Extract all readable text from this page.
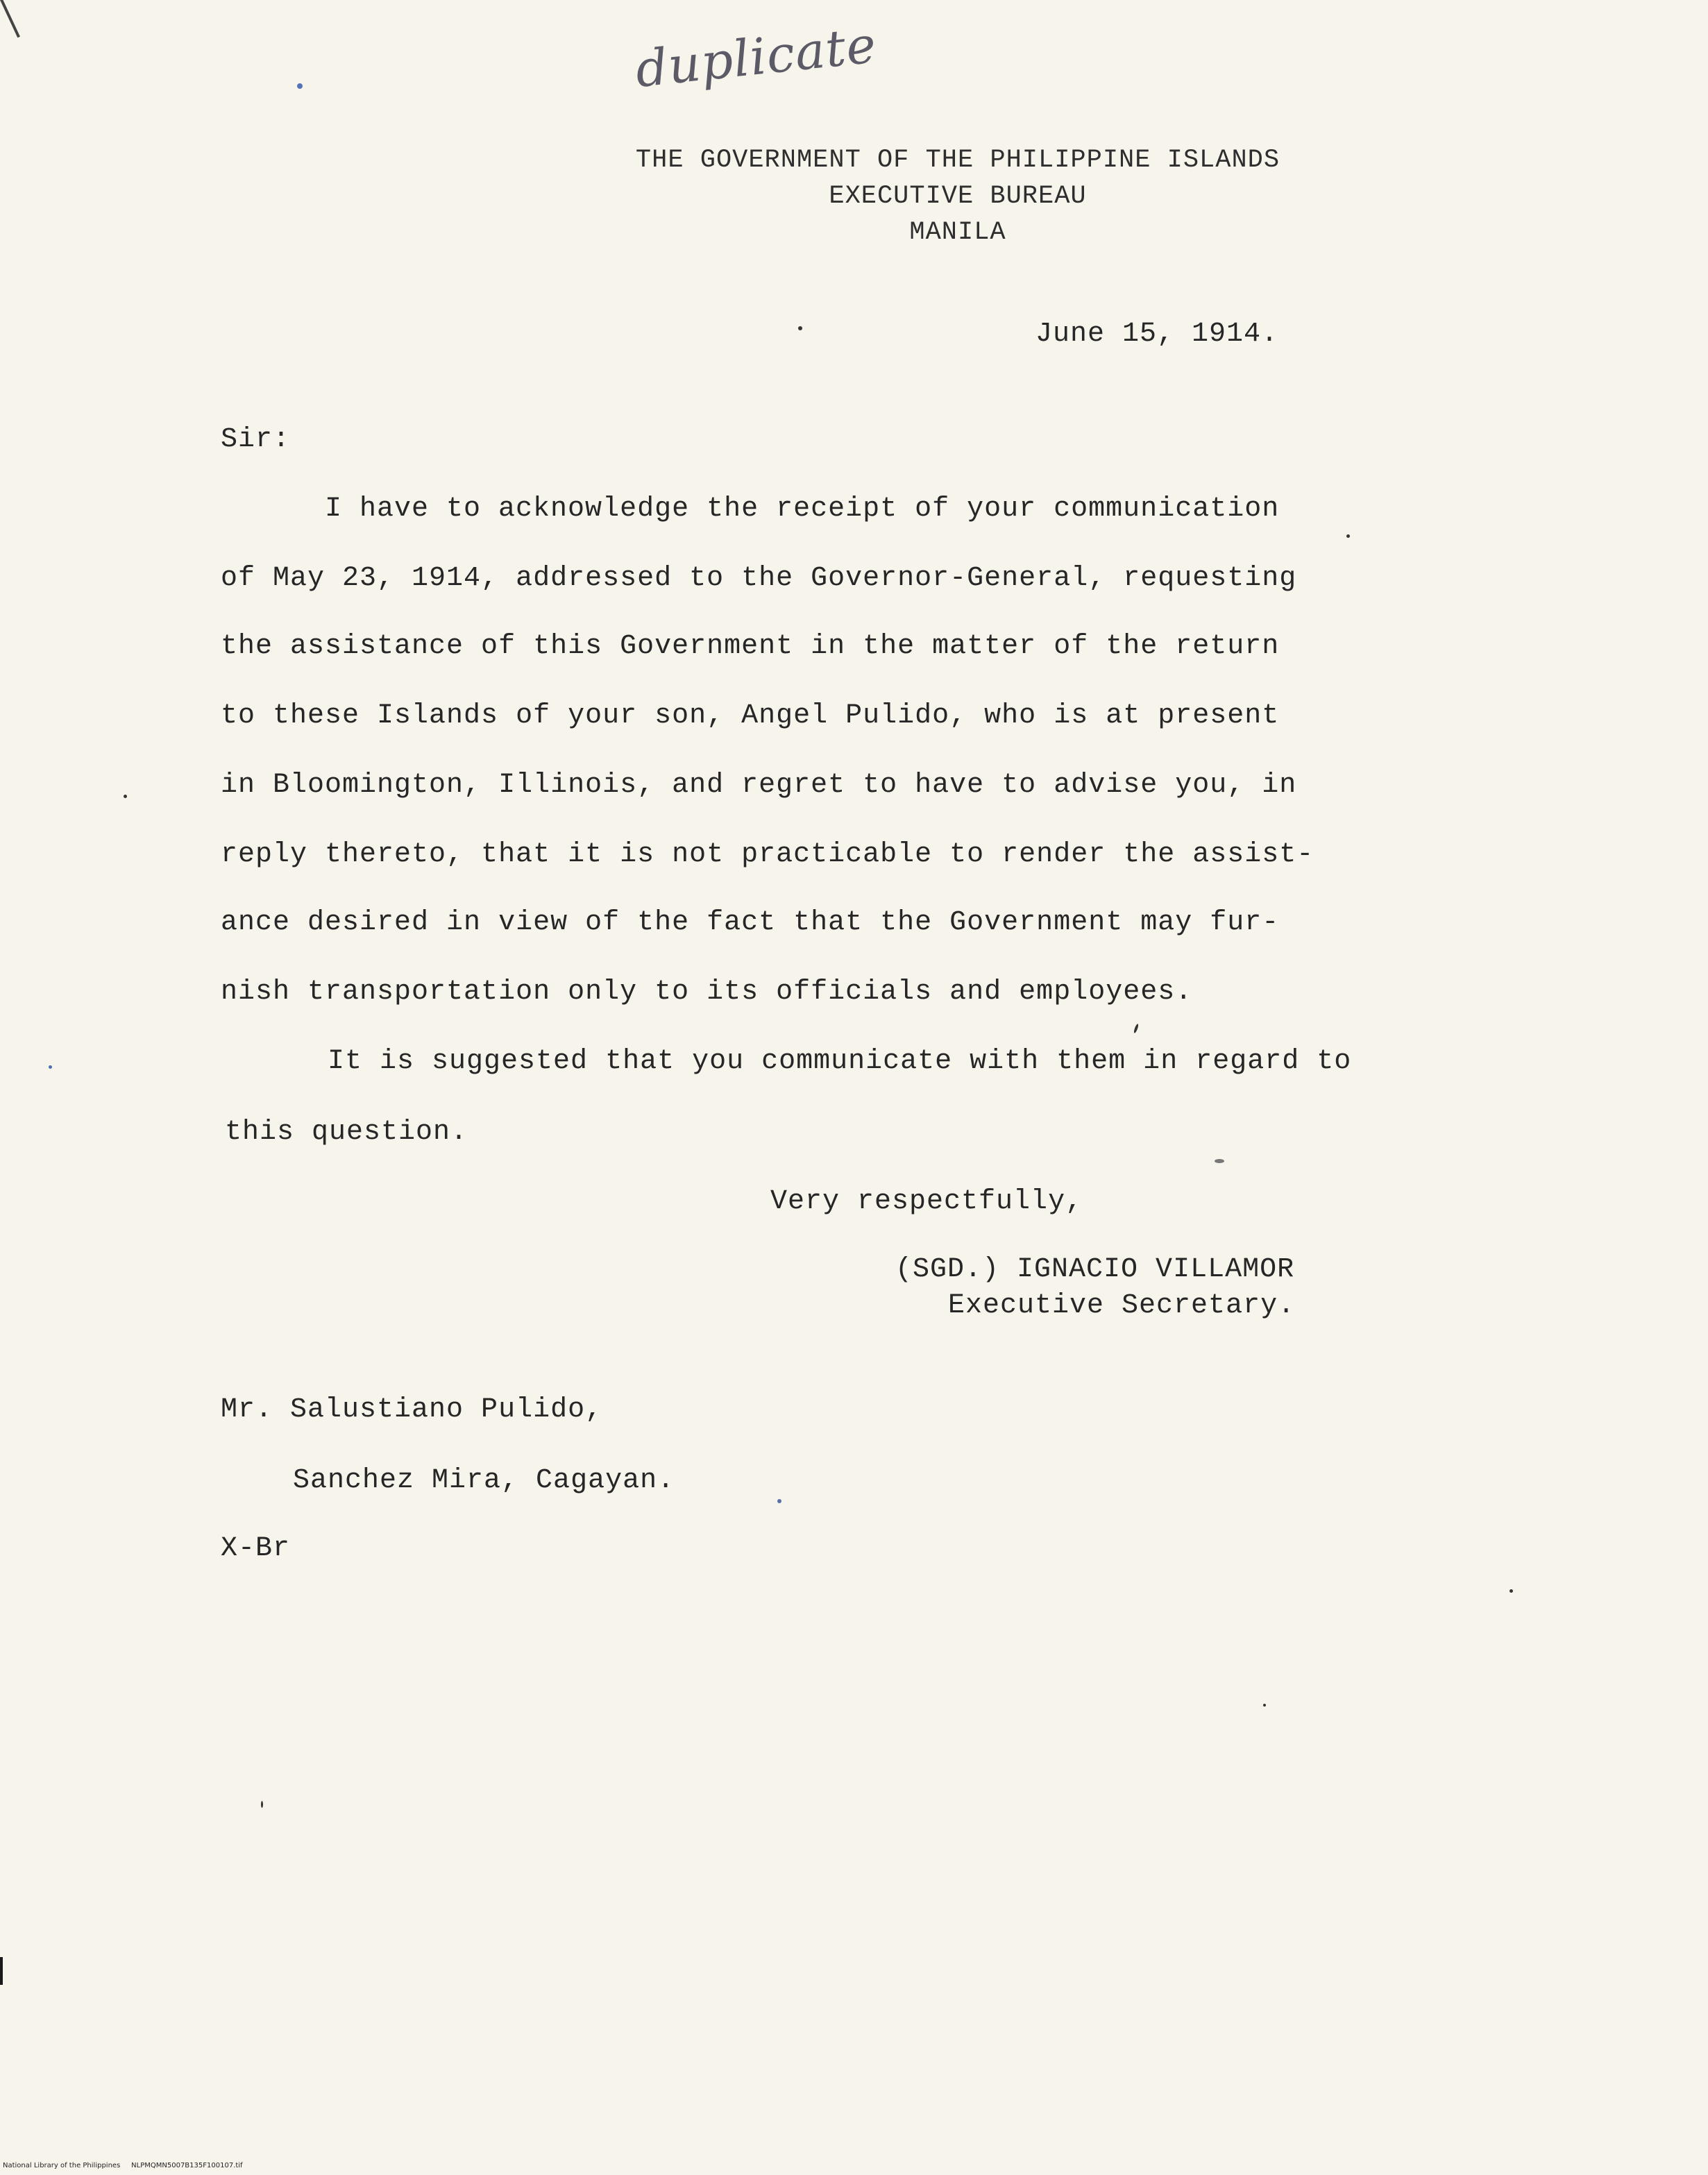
duplicate
THE GOVERNMENT OF THE PHILIPPINE ISLANDS
EXECUTIVE BUREAU
MANILA
June 15, 1914.
Sir:
I have to acknowledge the receipt of your communication
of May 23, 1914, addressed to the Governor-General, requesting
the assistance of this Government in the matter of the return
to these Islands of your son, Angel Pulido, who is at present
in Bloomington, Illinois, and regret to have to advise you, in
reply thereto, that it is not practicable to render the assist-
ance desired in view of the fact that the Government may fur-
nish transportation only to its officials and employees.
It is suggested that you communicate with them in regard to
this question.
Very respectfully,
(SGD.) IGNACIO VILLAMOR
Executive Secretary.
Mr. Salustiano Pulido,
Sanchez Mira, Cagayan.
X-Br
National Library of the Philippines     NLPMQMN5007B135F100107.tif
